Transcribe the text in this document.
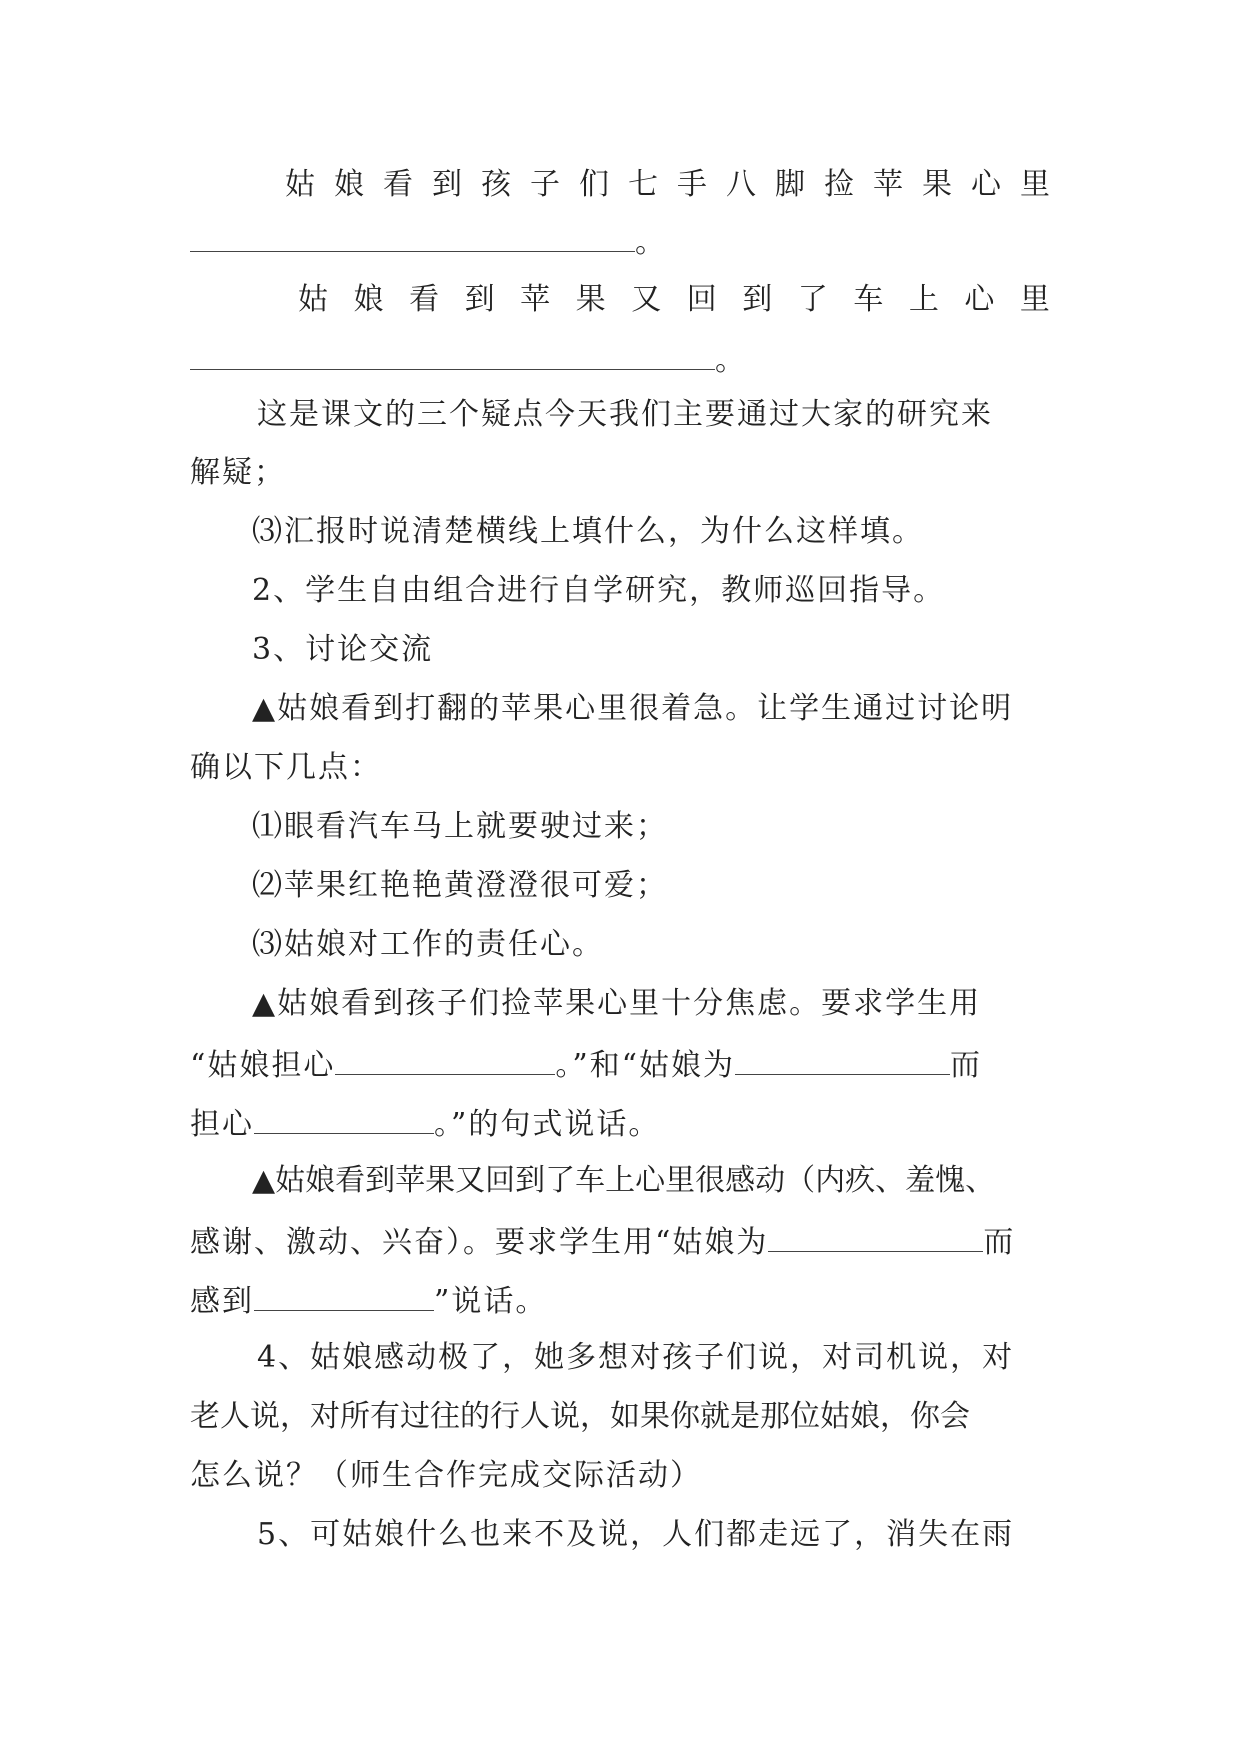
姑 娘 看 到 孩 子 们 七 手 八 脚 捡 苹 果 心 里
。
姑 娘 看 到 苹 果 又 回 到 了 车 上 心 里
。
这是课文的三个疑点今天我们主要通过大家的研究来
解疑；
⑶汇报时说清楚横线上填什么，为什么这样填。
2、学生自由组合进行自学研究，教师巡回指导。
3、讨论交流
▲姑娘看到打翻的苹果心里很着急。让学生通过讨论明
确以下几点：
⑴眼看汽车马上就要驶过来；
⑵苹果红艳艳黄澄澄很可爱；
⑶姑娘对工作的责任心。
▲姑娘看到孩子们捡苹果心里十分焦虑。要求学生用
“姑娘担心	。”和“姑娘为	而
担心	。”的句式说话。
▲姑娘看到苹果又回到了车上心里很感动（内疚、羞愧、
感谢、激动、兴奋）。要求学生用“姑娘为	而
感到	”说话。
4、姑娘感动极了，她多想对孩子们说，对司机说，对
老人说，对所有过往的行人说，如果你就是那位姑娘，你会
怎么说？（师生合作完成交际活动）
5、可姑娘什么也来不及说，人们都走远了，消失在雨
